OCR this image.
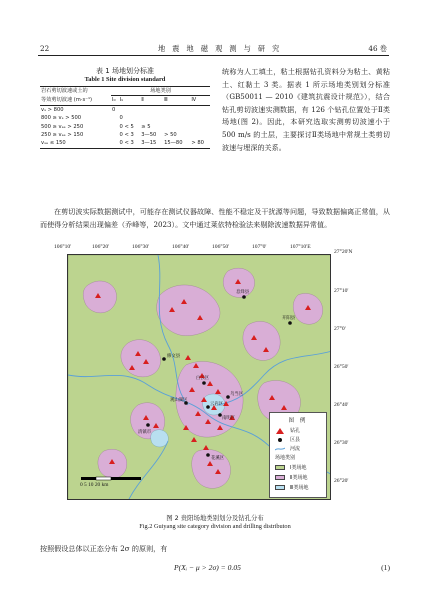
22	地 震 地 磁 观 测 与 研 究	46 卷
表 1 场地划分标准
Table 1 Site division standard
岩石剪切波速或土的	场地类别				
等效剪切波速 (m·s⁻¹)	I₀	I₁	Ⅱ	Ⅲ	Ⅳ
vₛ > 800	0				
800 ≥ vₛ > 500		0			
500 ≥ vₛₑ > 250		0 < 5	≥ 5		
250 ≥ vₛₑ > 150		0 < 3	3—50	> 50	
vₛₑ ≤ 150		0 < 3	3—15	15—80	> 80
统称为人工填土，粘土根据钻孔资料分为粘土、黄粘土、红黏土 3 类。据表 1 所示场地类别划分标准（GB50011 — 2010《建筑抗震设计规范》），结合钻孔剪切波速实测数据，有 126 个钻孔位置处于Ⅱ类场地(图 2)。因此，本研究选取实测剪切波速小于 500 m/s 的土层，主要探讨Ⅱ类场地中常规土类剪切波速与埋深的关系。
在剪切波实际数据测试中，可能存在测试仪器故障、性能不稳定及干扰源等问题，导致数据偏离正常值，从而使得分析结果出现偏差（乔峰等，2023）。文中通过莱依特检验法来剔除波速数据异常值。
106°10'	106°20'	106°30'	106°40'	106°50'	107°0'	107°10'E
27°20'N
27°10'
27°0'
26°50'
26°40'
26°30'
26°20'
息烽县
开阳县
修文县
白云区
乌当区
观山湖区
云岩区
南明区
清镇市
花溪区
0 5 10 20 km
图 例
钻孔
区县
河流
场地类别
Ⅰ类场地
Ⅱ类场地
Ⅲ类场地
图 2 贵阳场地类别划分及钻孔分布
Fig.2 Guiyang site category division and drilling distributon
按照假设总体以正态分布 2σ 的原则，有
P(Xᵢ − μ > 2σ) = 0.05	(1)
